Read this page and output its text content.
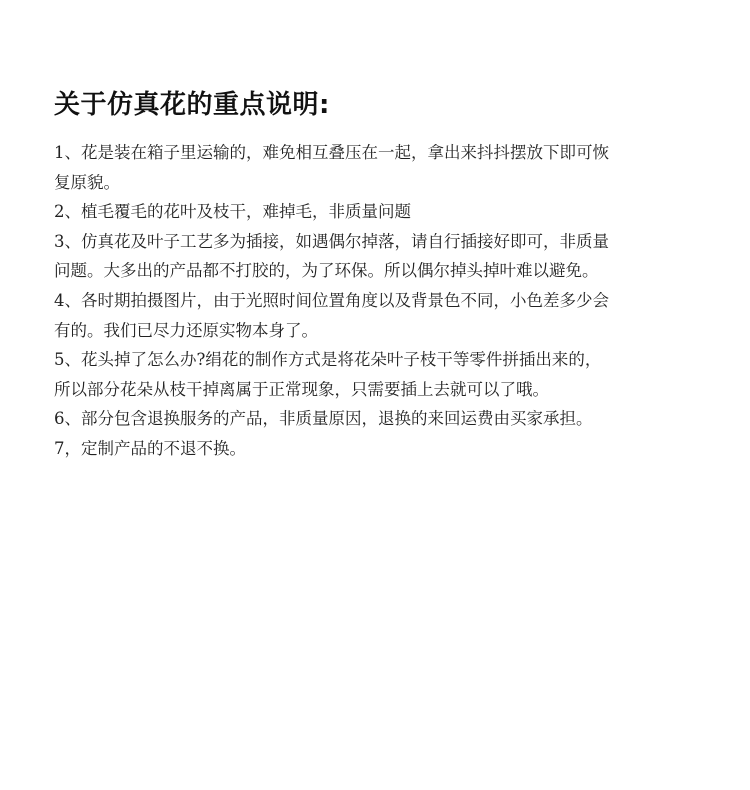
关于仿真花的重点说明:
1、花是装在箱子里运输的，难免相互叠压在一起，拿出来抖抖摆放下即可恢
复原貌。
2、植毛覆毛的花叶及枝干，难掉毛，非质量问题
3、仿真花及叶子工艺多为插接，如遇偶尔掉落，请自行插接好即可，非质量
问题。大多出的产品都不打胶的，为了环保。所以偶尔掉头掉叶难以避免。
4、各时期拍摄图片，由于光照时间位置角度以及背景色不同，小色差多少会
有的。我们已尽力还原实物本身了。
5、花头掉了怎么办?绢花的制作方式是将花朵叶子枝干等零件拼插出来的，
所以部分花朵从枝干掉离属于正常现象，只需要插上去就可以了哦。
6、部分包含退换服务的产品，非质量原因，退换的来回运费由买家承担。
7，定制产品的不退不换。
